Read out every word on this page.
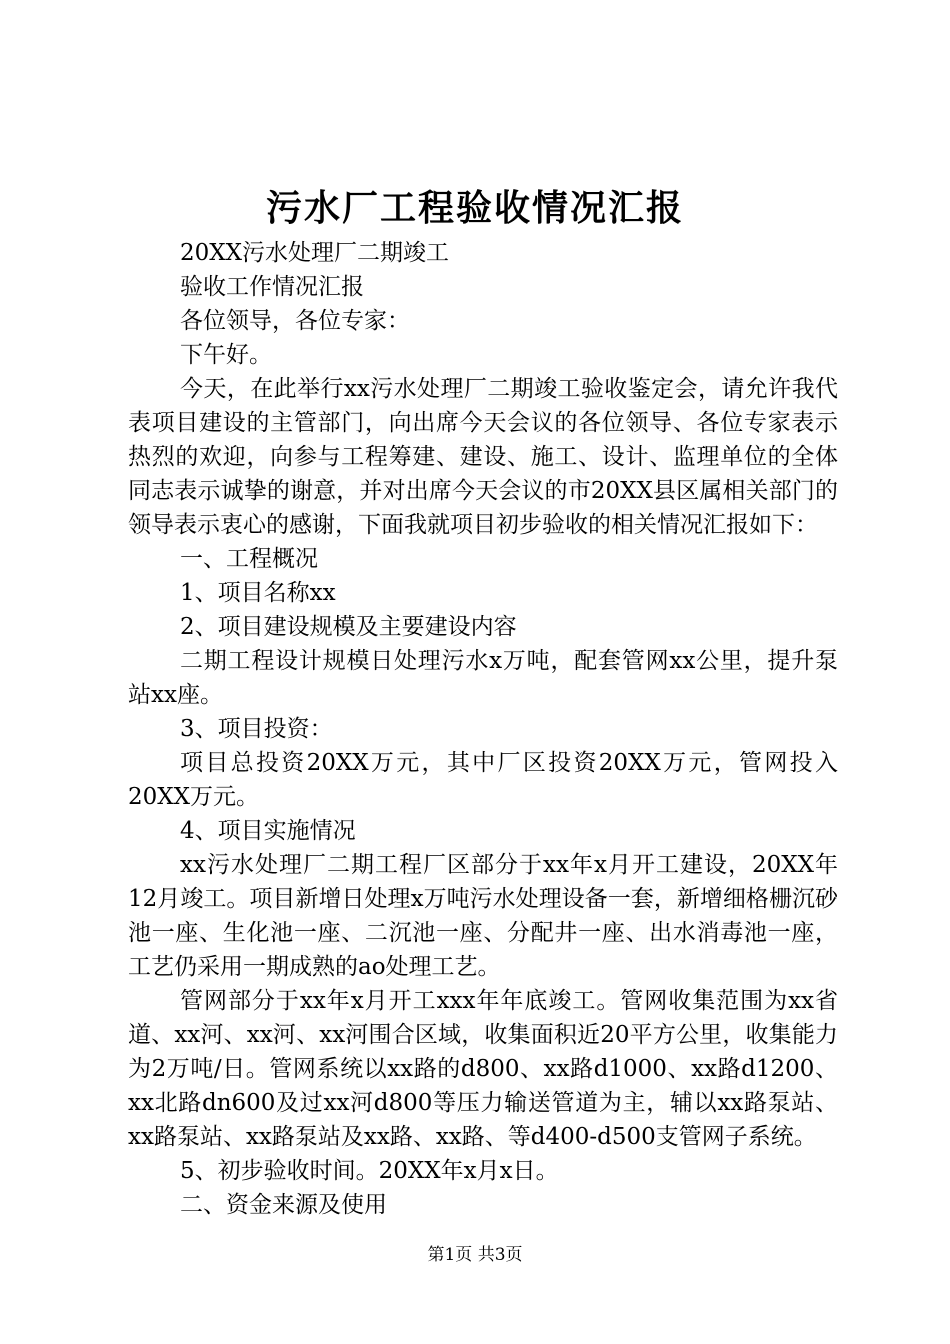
污水厂工程验收情况汇报

20XX污水处理厂二期竣工

验收工作情况汇报

各位领导，各位专家：

下午好。

今天，在此举行xx污水处理厂二期竣工验收鉴定会，请允许我代表项目建设的主管部门，向出席今天会议的各位领导、各位专家表示热烈的欢迎，向参与工程筹建、建设、施工、设计、监理单位的全体同志表示诚挚的谢意，并对出席今天会议的市20XX县区属相关部门的领导表示衷心的感谢，下面我就项目初步验收的相关情况汇报如下：

一、工程概况

1、项目名称xx

2、项目建设规模及主要建设内容

二期工程设计规模日处理污水x万吨，配套管网xx公里，提升泵站xx座。

3、项目投资：

项目总投资20XX万元，其中厂区投资20XX万元，管网投入20XX万元。

4、项目实施情况

xx污水处理厂二期工程厂区部分于xx年x月开工建设，20XX年12月竣工。项目新增日处理x万吨污水处理设备一套，新增细格栅沉砂池一座、生化池一座、二沉池一座、分配井一座、出水消毒池一座，工艺仍采用一期成熟的ao处理工艺。

管网部分于xx年x月开工xxx年年底竣工。管网收集范围为xx省道、xx河、xx河、xx河围合区域，收集面积近20平方公里，收集能力为2万吨/日。管网系统以xx路的d800、xx路d1000、xx路d1200、xx北路dn600及过xx河d800等压力输送管道为主，辅以xx路泵站、xx路泵站、xx路泵站及xx路、xx路、等d400-d500支管网子系统。

5、初步验收时间。20XX年x月x日。

二、资金来源及使用

第1页 共3页
